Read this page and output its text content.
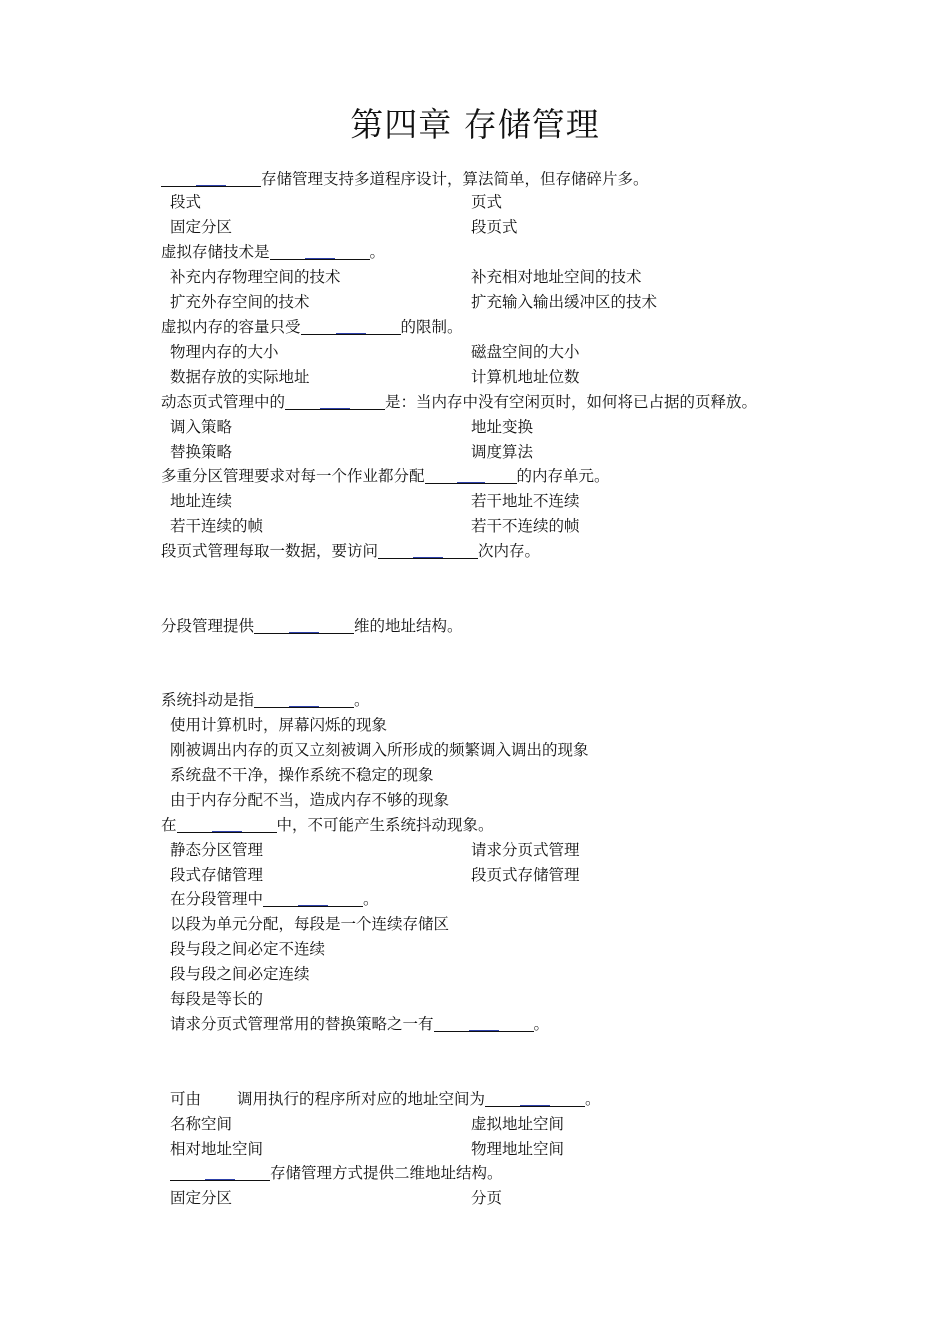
第四章 存储管理
存储管理支持多道程序设计，算法简单，但存储碎片多。
段式	页式
固定分区	段页式
虚拟存储技术是	。
补充内存物理空间的技术	补充相对地址空间的技术
扩充外存空间的技术	扩充输入输出缓冲区的技术
虚拟内存的容量只受	的限制。
物理内存的大小	磁盘空间的大小
数据存放的实际地址	计算机地址位数
动态页式管理中的	是：当内存中没有空闲页时，如何将已占据的页释放。
调入策略	地址变换
替换策略	调度算法
多重分区管理要求对每一个作业都分配	的内存单元。
地址连续	若干地址不连续
若干连续的帧	若干不连续的帧
段页式管理每取一数据，要访问	次内存。
分段管理提供	维的地址结构。
系统抖动是指	。
使用计算机时，屏幕闪烁的现象
刚被调出内存的页又立刻被调入所形成的频繁调入调出的现象
系统盘不干净，操作系统不稳定的现象
由于内存分配不当，造成内存不够的现象
在	中，不可能产生系统抖动现象。
静态分区管理	请求分页式管理
段式存储管理	段页式存储管理
在分段管理中	。
以段为单元分配，每段是一个连续存储区
段与段之间必定不连续
段与段之间必定连续
每段是等长的
请求分页式管理常用的替换策略之一有	。
可由 调用执行的程序所对应的地址空间为	。
名称空间	虚拟地址空间
相对地址空间	物理地址空间
存储管理方式提供二维地址结构。
固定分区	分页
